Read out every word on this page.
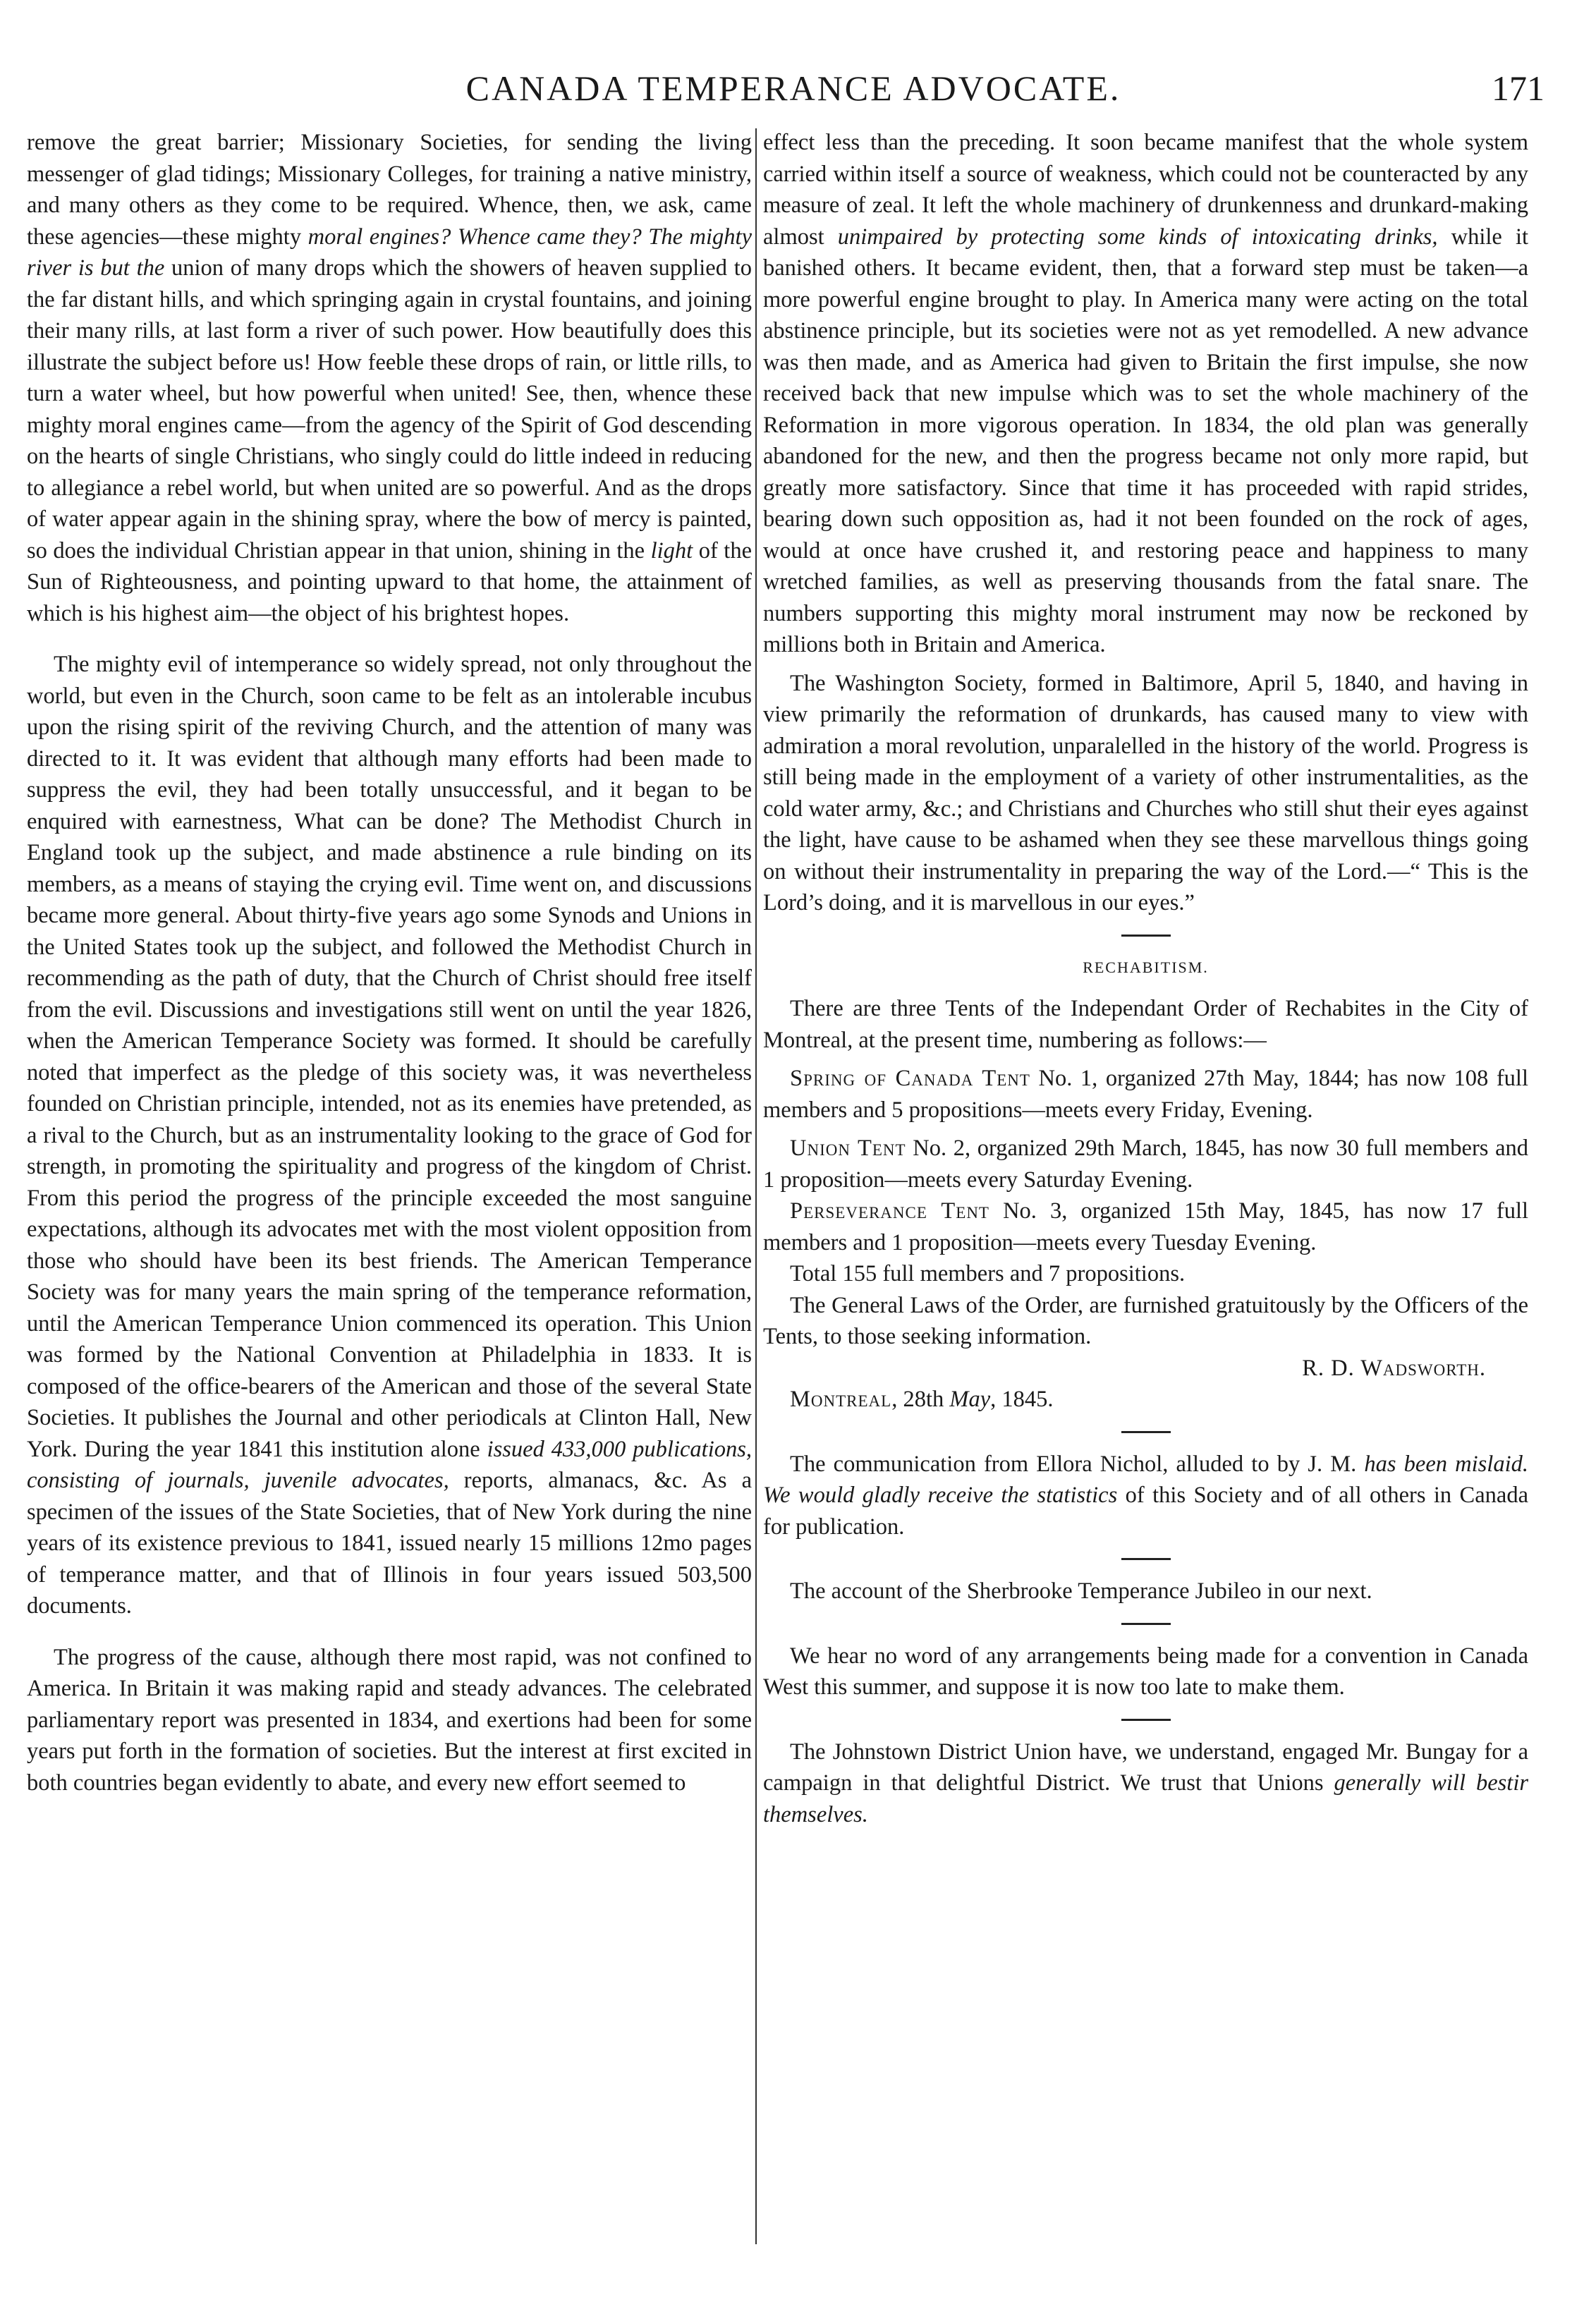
CANADA TEMPERANCE ADVOCATE.	171

remove the great barrier; Missionary Societies, for sending the living messenger of glad tidings; Missionary Colleges, for training a native ministry, and many others as they come to be required. Whence, then, we ask, came these agencies—these mighty moral engines? Whence came they? The mighty river is but the union of many drops which the showers of heaven supplied to the far distant hills, and which springing again in crystal fountains, and joining their many rills, at last form a river of such power. How beautifully does this illustrate the subject before us! How feeble these drops of rain, or little rills, to turn a water wheel, but how powerful when united! See, then, whence these mighty moral engines came—from the agency of the Spirit of God descending on the hearts of single Christians, who singly could do little indeed in reducing to allegiance a rebel world, but when united are so powerful. And as the drops of water appear again in the shining spray, where the bow of mercy is painted, so does the individual Christian appear in that union, shining in the light of the Sun of Righteousness, and pointing upward to that home, the attainment of which is his highest aim—the object of his brightest hopes.

The mighty evil of intemperance so widely spread, not only throughout the world, but even in the Church, soon came to be felt as an intolerable incubus upon the rising spirit of the reviving Church, and the attention of many was directed to it. It was evident that although many efforts had been made to suppress the evil, they had been totally unsuccessful, and it began to be enquired with earnestness, What can be done? The Methodist Church in England took up the subject, and made abstinence a rule binding on its members, as a means of staying the crying evil. Time went on, and discussions became more general. About thirty-five years ago some Synods and Unions in the United States took up the subject, and followed the Methodist Church in recommending as the path of duty, that the Church of Christ should free itself from the evil. Discussions and investigations still went on until the year 1826, when the American Temperance Society was formed. It should be carefully noted that imperfect as the pledge of this society was, it was nevertheless founded on Christian principle, intended, not as its enemies have pretended, as a rival to the Church, but as an instrumentality looking to the grace of God for strength, in promoting the spirituality and progress of the kingdom of Christ. From this period the progress of the principle exceeded the most sanguine expectations, although its advocates met with the most violent opposition from those who should have been its best friends. The American Temperance Society was for many years the main spring of the temperance reformation, until the American Temperance Union commenced its operation. This Union was formed by the National Convention at Philadelphia in 1833. It is composed of the office-bearers of the American and those of the several State Societies. It publishes the Journal and other periodicals at Clinton Hall, New York. During the year 1841 this institution alone issued 433,000 publications, consisting of journals, juvenile advocates, reports, almanacs, &c. As a specimen of the issues of the State Societies, that of New York during the nine years of its existence previous to 1841, issued nearly 15 millions 12mo pages of temperance matter, and that of Illinois in four years issued 503,500 documents.

The progress of the cause, although there most rapid, was not confined to America. In Britain it was making rapid and steady advances. The celebrated parliamentary report was presented in 1834, and exertions had been for some years put forth in the formation of societies. But the interest at first excited in both countries began evidently to abate, and every new effort seemed to

effect less than the preceding. It soon became manifest that the whole system carried within itself a source of weakness, which could not be counteracted by any measure of zeal. It left the whole machinery of drunkenness and drunkard-making almost unimpaired by protecting some kinds of intoxicating drinks, while it banished others. It became evident, then, that a forward step must be taken—a more powerful engine brought to play. In America many were acting on the total abstinence principle, but its societies were not as yet remodelled. A new advance was then made, and as America had given to Britain the first impulse, she now received back that new impulse which was to set the whole machinery of the Reformation in more vigorous operation. In 1834, the old plan was generally abandoned for the new, and then the progress became not only more rapid, but greatly more satisfactory. Since that time it has proceeded with rapid strides, bearing down such opposition as, had it not been founded on the rock of ages, would at once have crushed it, and restoring peace and happiness to many wretched families, as well as preserving thousands from the fatal snare. The numbers supporting this mighty moral instrument may now be reckoned by millions both in Britain and America.

The Washington Society, formed in Baltimore, April 5, 1840, and having in view primarily the reformation of drunkards, has caused many to view with admiration a moral revolution, unparalelled in the history of the world. Progress is still being made in the employment of a variety of other instrumentalities, as the cold water army, &c.; and Christians and Churches who still shut their eyes against the light, have cause to be ashamed when they see these marvellous things going on without their instrumentality in preparing the way of the Lord.—“ This is the Lord’s doing, and it is marvellous in our eyes.”

RECHABITISM.

There are three Tents of the Independant Order of Rechabites in the City of Montreal, at the present time, numbering as follows:—

Spring of Canada Tent No. 1, organized 27th May, 1844; has now 108 full members and 5 propositions—meets every Friday, Evening.

Union Tent No. 2, organized 29th March, 1845, has now 30 full members and 1 proposition—meets every Saturday Evening.

Perseverance Tent No. 3, organized 15th May, 1845, has now 17 full members and 1 proposition—meets every Tuesday Evening.

Total 155 full members and 7 propositions.

The General Laws of the Order, are furnished gratuitously by the Officers of the Tents, to those seeking information.

R. D. Wadsworth.

Montreal, 28th May, 1845.

The communication from Ellora Nichol, alluded to by J. M. has been mislaid. We would gladly receive the statistics of this Society and of all others in Canada for publication.

The account of the Sherbrooke Temperance Jubileo in our next.

We hear no word of any arrangements being made for a convention in Canada West this summer, and suppose it is now too late to make them.

The Johnstown District Union have, we understand, engaged Mr. Bungay for a campaign in that delightful District. We trust that Unions generally will bestir themselves.
